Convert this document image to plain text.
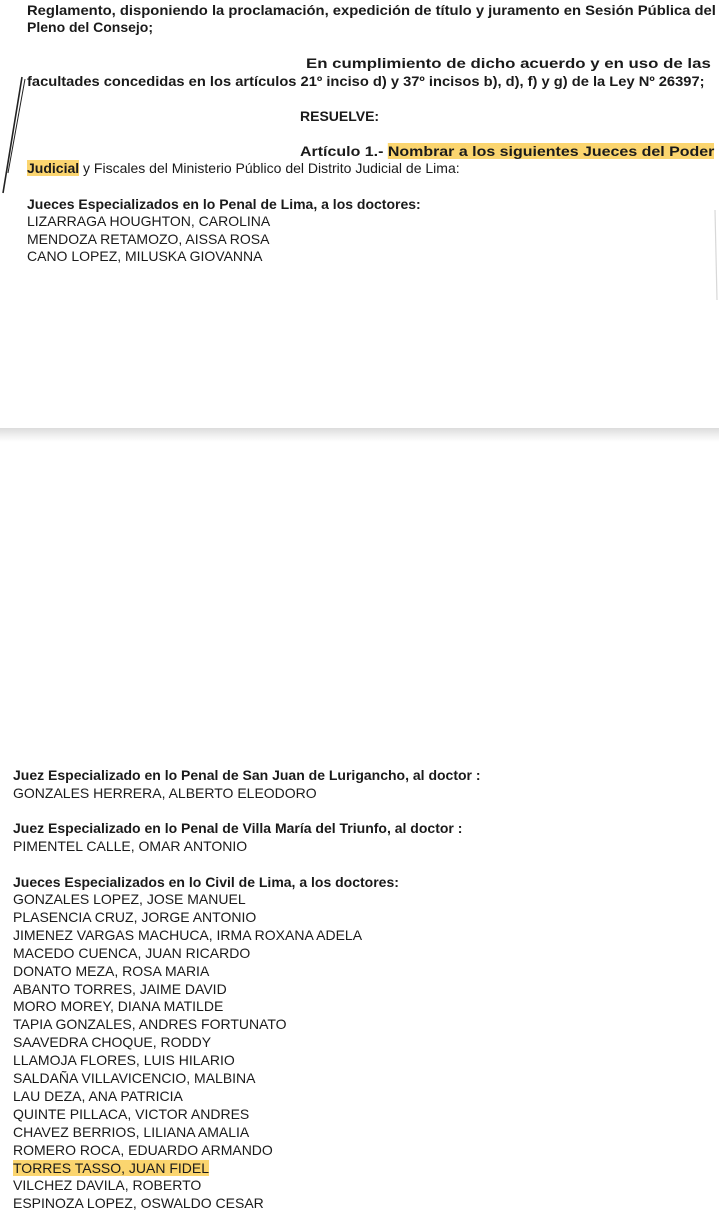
Reglamento, disponiendo la proclamación, expedición de título y juramento en Sesión Pública del
Pleno del Consejo;
En cumplimiento de dicho acuerdo y en uso de las
facultades concedidas en los artículos 21º inciso d) y 37º incisos b), d), f) y g) de la Ley Nº 26397;
RESUELVE:
Artículo 1.- Nombrar a los siguientes Jueces del Poder
Judicial y Fiscales del Ministerio Público del Distrito Judicial de Lima:
Jueces Especializados en lo Penal de Lima, a los doctores:
LIZARRAGA HOUGHTON, CAROLINA
MENDOZA RETAMOZO, AISSA ROSA
CANO LOPEZ, MILUSKA GIOVANNA
Juez Especializado en lo Penal de San Juan de Lurigancho, al doctor :
GONZALES HERRERA, ALBERTO ELEODORO
Juez Especializado en lo Penal de Villa María del Triunfo, al doctor :
PIMENTEL CALLE, OMAR ANTONIO
Jueces Especializados en lo Civil de Lima, a los doctores:
GONZALES LOPEZ, JOSE MANUEL
PLASENCIA CRUZ, JORGE ANTONIO
JIMENEZ VARGAS MACHUCA, IRMA ROXANA ADELA
MACEDO CUENCA, JUAN RICARDO
DONATO MEZA, ROSA MARIA
ABANTO TORRES, JAIME DAVID
MORO MOREY, DIANA MATILDE
TAPIA GONZALES, ANDRES FORTUNATO
SAAVEDRA CHOQUE, RODDY
LLAMOJA FLORES, LUIS HILARIO
SALDAÑA VILLAVICENCIO, MALBINA
LAU DEZA, ANA PATRICIA
QUINTE PILLACA, VICTOR ANDRES
CHAVEZ BERRIOS, LILIANA AMALIA
ROMERO ROCA, EDUARDO ARMANDO
TORRES TASSO, JUAN FIDEL
VILCHEZ DAVILA, ROBERTO
ESPINOZA LOPEZ, OSWALDO CESAR
